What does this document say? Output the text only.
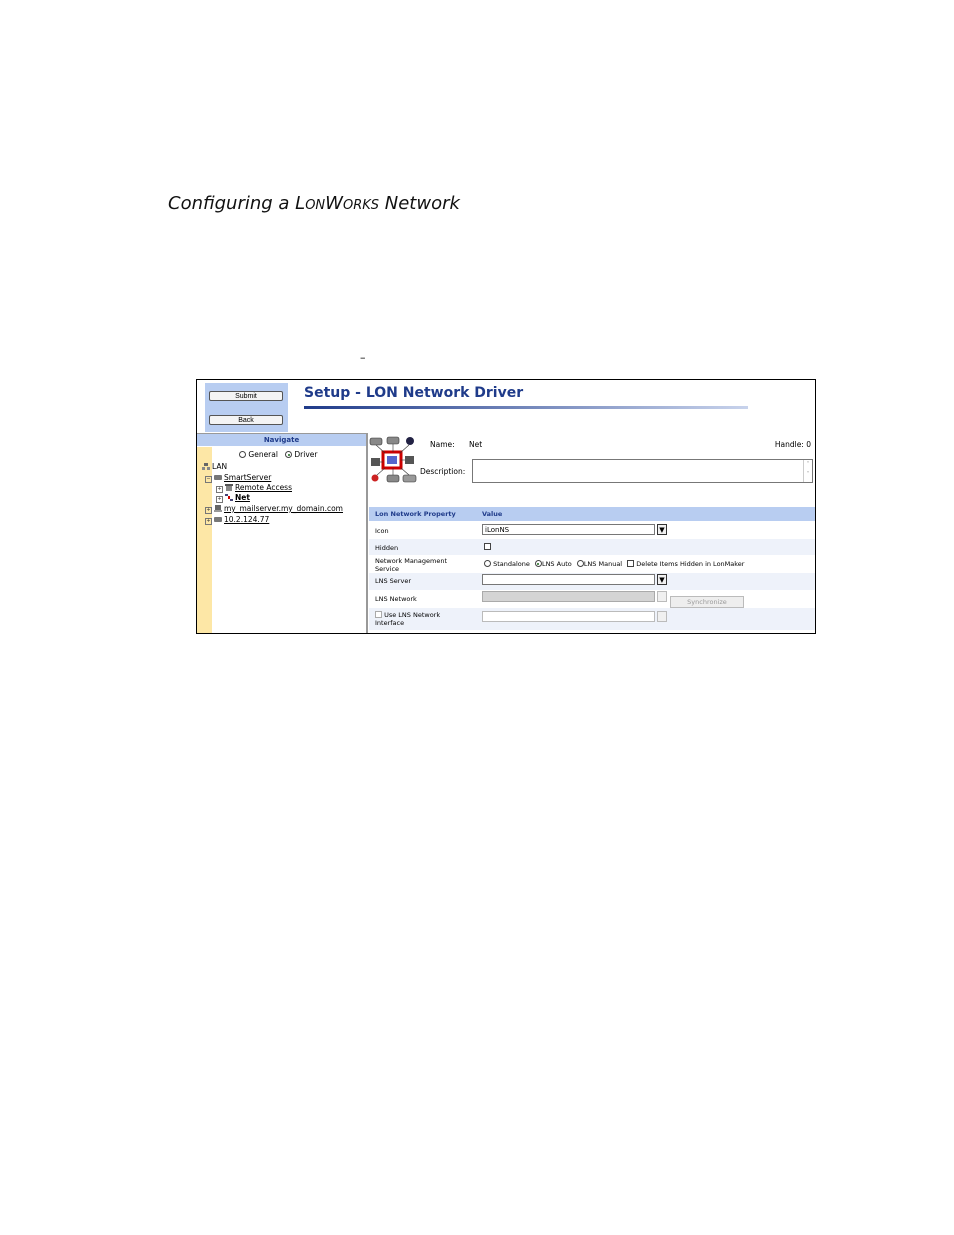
Configuring a LONWORKS Network
–
Submit
Back
Setup - LON Network Driver
Navigate
General	Driver
LAN
− SmartServer
+ Remote Access
+ Net
+ my_mailserver.my_domain.com
+ 10.2.124.77
Name: Net	Handle: 0
Description:
˄
˅
Lon Network Property	Value
Icon	iLonNS	▼
Hidden
Network Management
Service
Standalone LNS Auto LNS Manual Delete Items Hidden in LonMaker
LNS Server	▼
LNS Network	Synchronize
Use LNS Network
Interface
